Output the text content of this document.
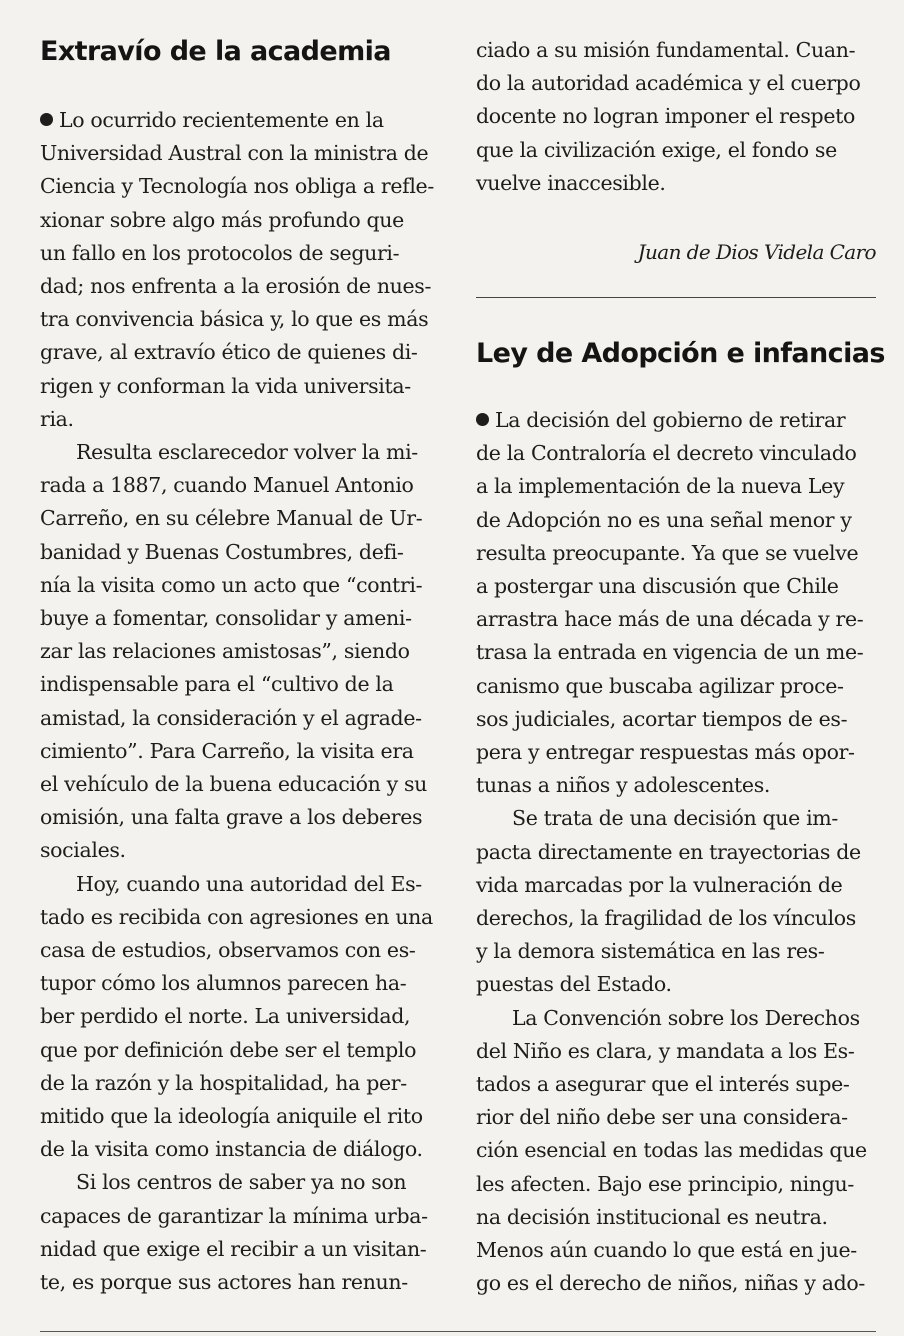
Extravío de la academia
Lo ocurrido recientemente en la
Universidad Austral con la ministra de
Ciencia y Tecnología nos obliga a refle-
xionar sobre algo más profundo que
un fallo en los protocolos de seguri-
dad; nos enfrenta a la erosión de nues-
tra convivencia básica y, lo que es más
grave, al extravío ético de quienes di-
rigen y conforman la vida universita-
ria.
Resulta esclarecedor volver la mi-
rada a 1887, cuando Manuel Antonio
Carreño, en su célebre Manual de Ur-
banidad y Buenas Costumbres, defi-
nía la visita como un acto que “contri-
buye a fomentar, consolidar y ameni-
zar las relaciones amistosas”, siendo
indispensable para el “cultivo de la
amistad, la consideración y el agrade-
cimiento”. Para Carreño, la visita era
el vehículo de la buena educación y su
omisión, una falta grave a los deberes
sociales.
Hoy, cuando una autoridad del Es-
tado es recibida con agresiones en una
casa de estudios, observamos con es-
tupor cómo los alumnos parecen ha-
ber perdido el norte. La universidad,
que por definición debe ser el templo
de la razón y la hospitalidad, ha per-
mitido que la ideología aniquile el rito
de la visita como instancia de diálogo.
Si los centros de saber ya no son
capaces de garantizar la mínima urba-
nidad que exige el recibir a un visitan-
te, es porque sus actores han renun-
ciado a su misión fundamental. Cuan-
do la autoridad académica y el cuerpo
docente no logran imponer el respeto
que la civilización exige, el fondo se
vuelve inaccesible.
Juan de Dios Videla Caro
Ley de Adopción e infancias
La decisión del gobierno de retirar
de la Contraloría el decreto vinculado
a la implementación de la nueva Ley
de Adopción no es una señal menor y
resulta preocupante. Ya que se vuelve
a postergar una discusión que Chile
arrastra hace más de una década y re-
trasa la entrada en vigencia de un me-
canismo que buscaba agilizar proce-
sos judiciales, acortar tiempos de es-
pera y entregar respuestas más opor-
tunas a niños y adolescentes.
Se trata de una decisión que im-
pacta directamente en trayectorias de
vida marcadas por la vulneración de
derechos, la fragilidad de los vínculos
y la demora sistemática en las res-
puestas del Estado.
La Convención sobre los Derechos
del Niño es clara, y mandata a los Es-
tados a asegurar que el interés supe-
rior del niño debe ser una considera-
ción esencial en todas las medidas que
les afecten. Bajo ese principio, ningu-
na decisión institucional es neutra.
Menos aún cuando lo que está en jue-
go es el derecho de niños, niñas y ado-
